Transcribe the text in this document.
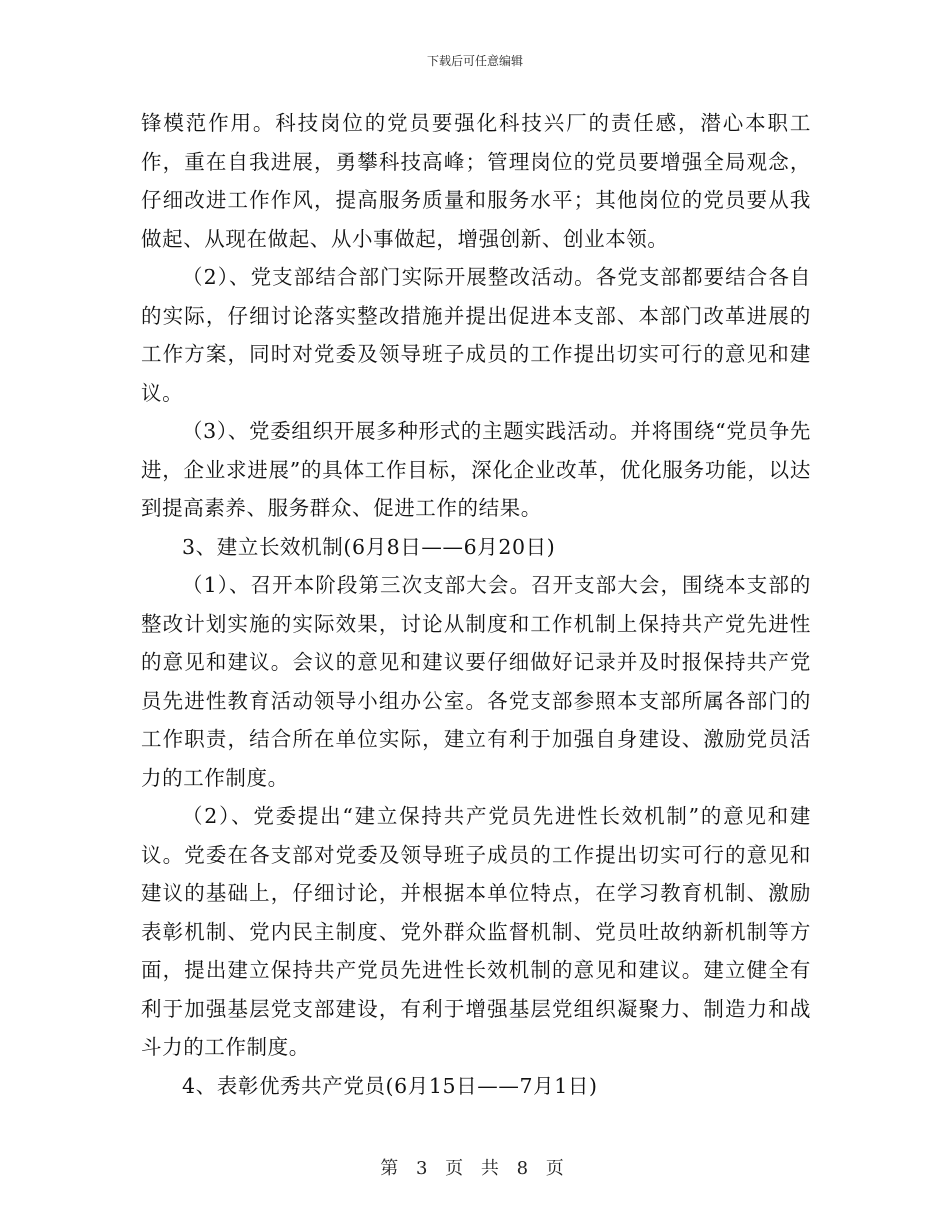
下载后可任意编辑

锋模范作用。科技岗位的党员要强化科技兴厂的责任感，潜心本职工作，重在自我进展，勇攀科技高峰；管理岗位的党员要增强全局观念，仔细改进工作作风，提高服务质量和服务水平；其他岗位的党员要从我做起、从现在做起、从小事做起，增强创新、创业本领。

（2）、党支部结合部门实际开展整改活动。各党支部都要结合各自的实际，仔细讨论落实整改措施并提出促进本支部、本部门改革进展的工作方案，同时对党委及领导班子成员的工作提出切实可行的意见和建议。

（3）、党委组织开展多种形式的主题实践活动。并将围绕“党员争先进，企业求进展”的具体工作目标，深化企业改革，优化服务功能，以达到提高素养、服务群众、促进工作的结果。

3、建立长效机制(6月8日——6月20日)

（1）、召开本阶段第三次支部大会。召开支部大会，围绕本支部的整改计划实施的实际效果，讨论从制度和工作机制上保持共产党先进性的意见和建议。会议的意见和建议要仔细做好记录并及时报保持共产党员先进性教育活动领导小组办公室。各党支部参照本支部所属各部门的工作职责，结合所在单位实际，建立有利于加强自身建设、激励党员活力的工作制度。

（2）、党委提出“建立保持共产党员先进性长效机制”的意见和建议。党委在各支部对党委及领导班子成员的工作提出切实可行的意见和建议的基础上，仔细讨论，并根据本单位特点，在学习教育机制、激励表彰机制、党内民主制度、党外群众监督机制、党员吐故纳新机制等方面，提出建立保持共产党员先进性长效机制的意见和建议。建立健全有利于加强基层党支部建设，有利于增强基层党组织凝聚力、制造力和战斗力的工作制度。

4、表彰优秀共产党员(6月15日——7月1日)

第 3 页 共 8 页
